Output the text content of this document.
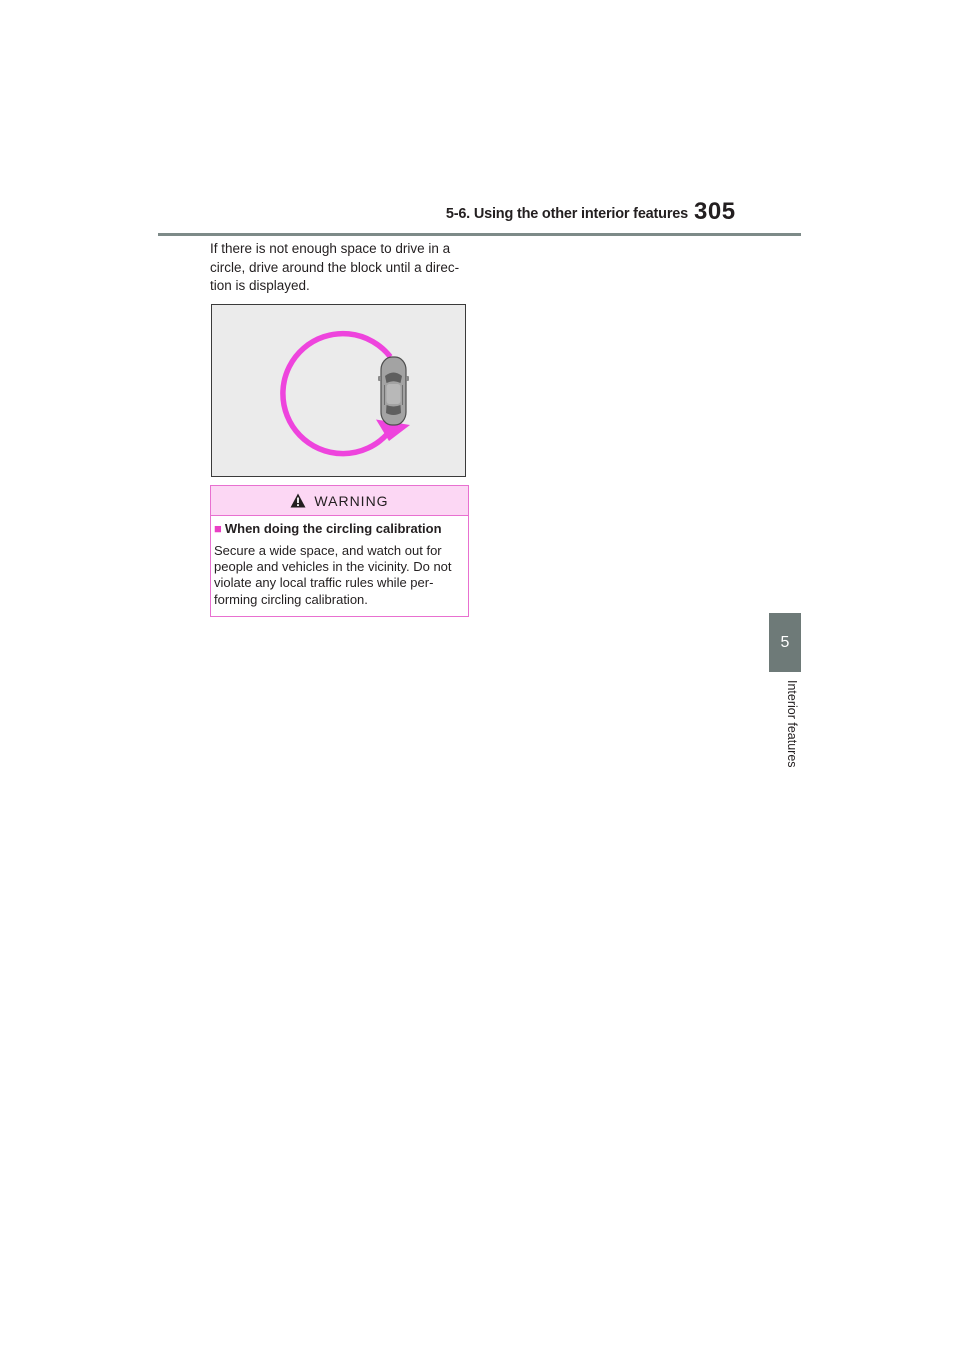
5-6. Using the other interior features 305
5
Interior features

If there is not enough space to drive in a
circle, drive around the block until a direc-
tion is displayed.

WARNING
■ When doing the circling calibration
Secure a wide space, and watch out for
people and vehicles in the vicinity. Do not
violate any local traffic rules while per-
forming circling calibration.
